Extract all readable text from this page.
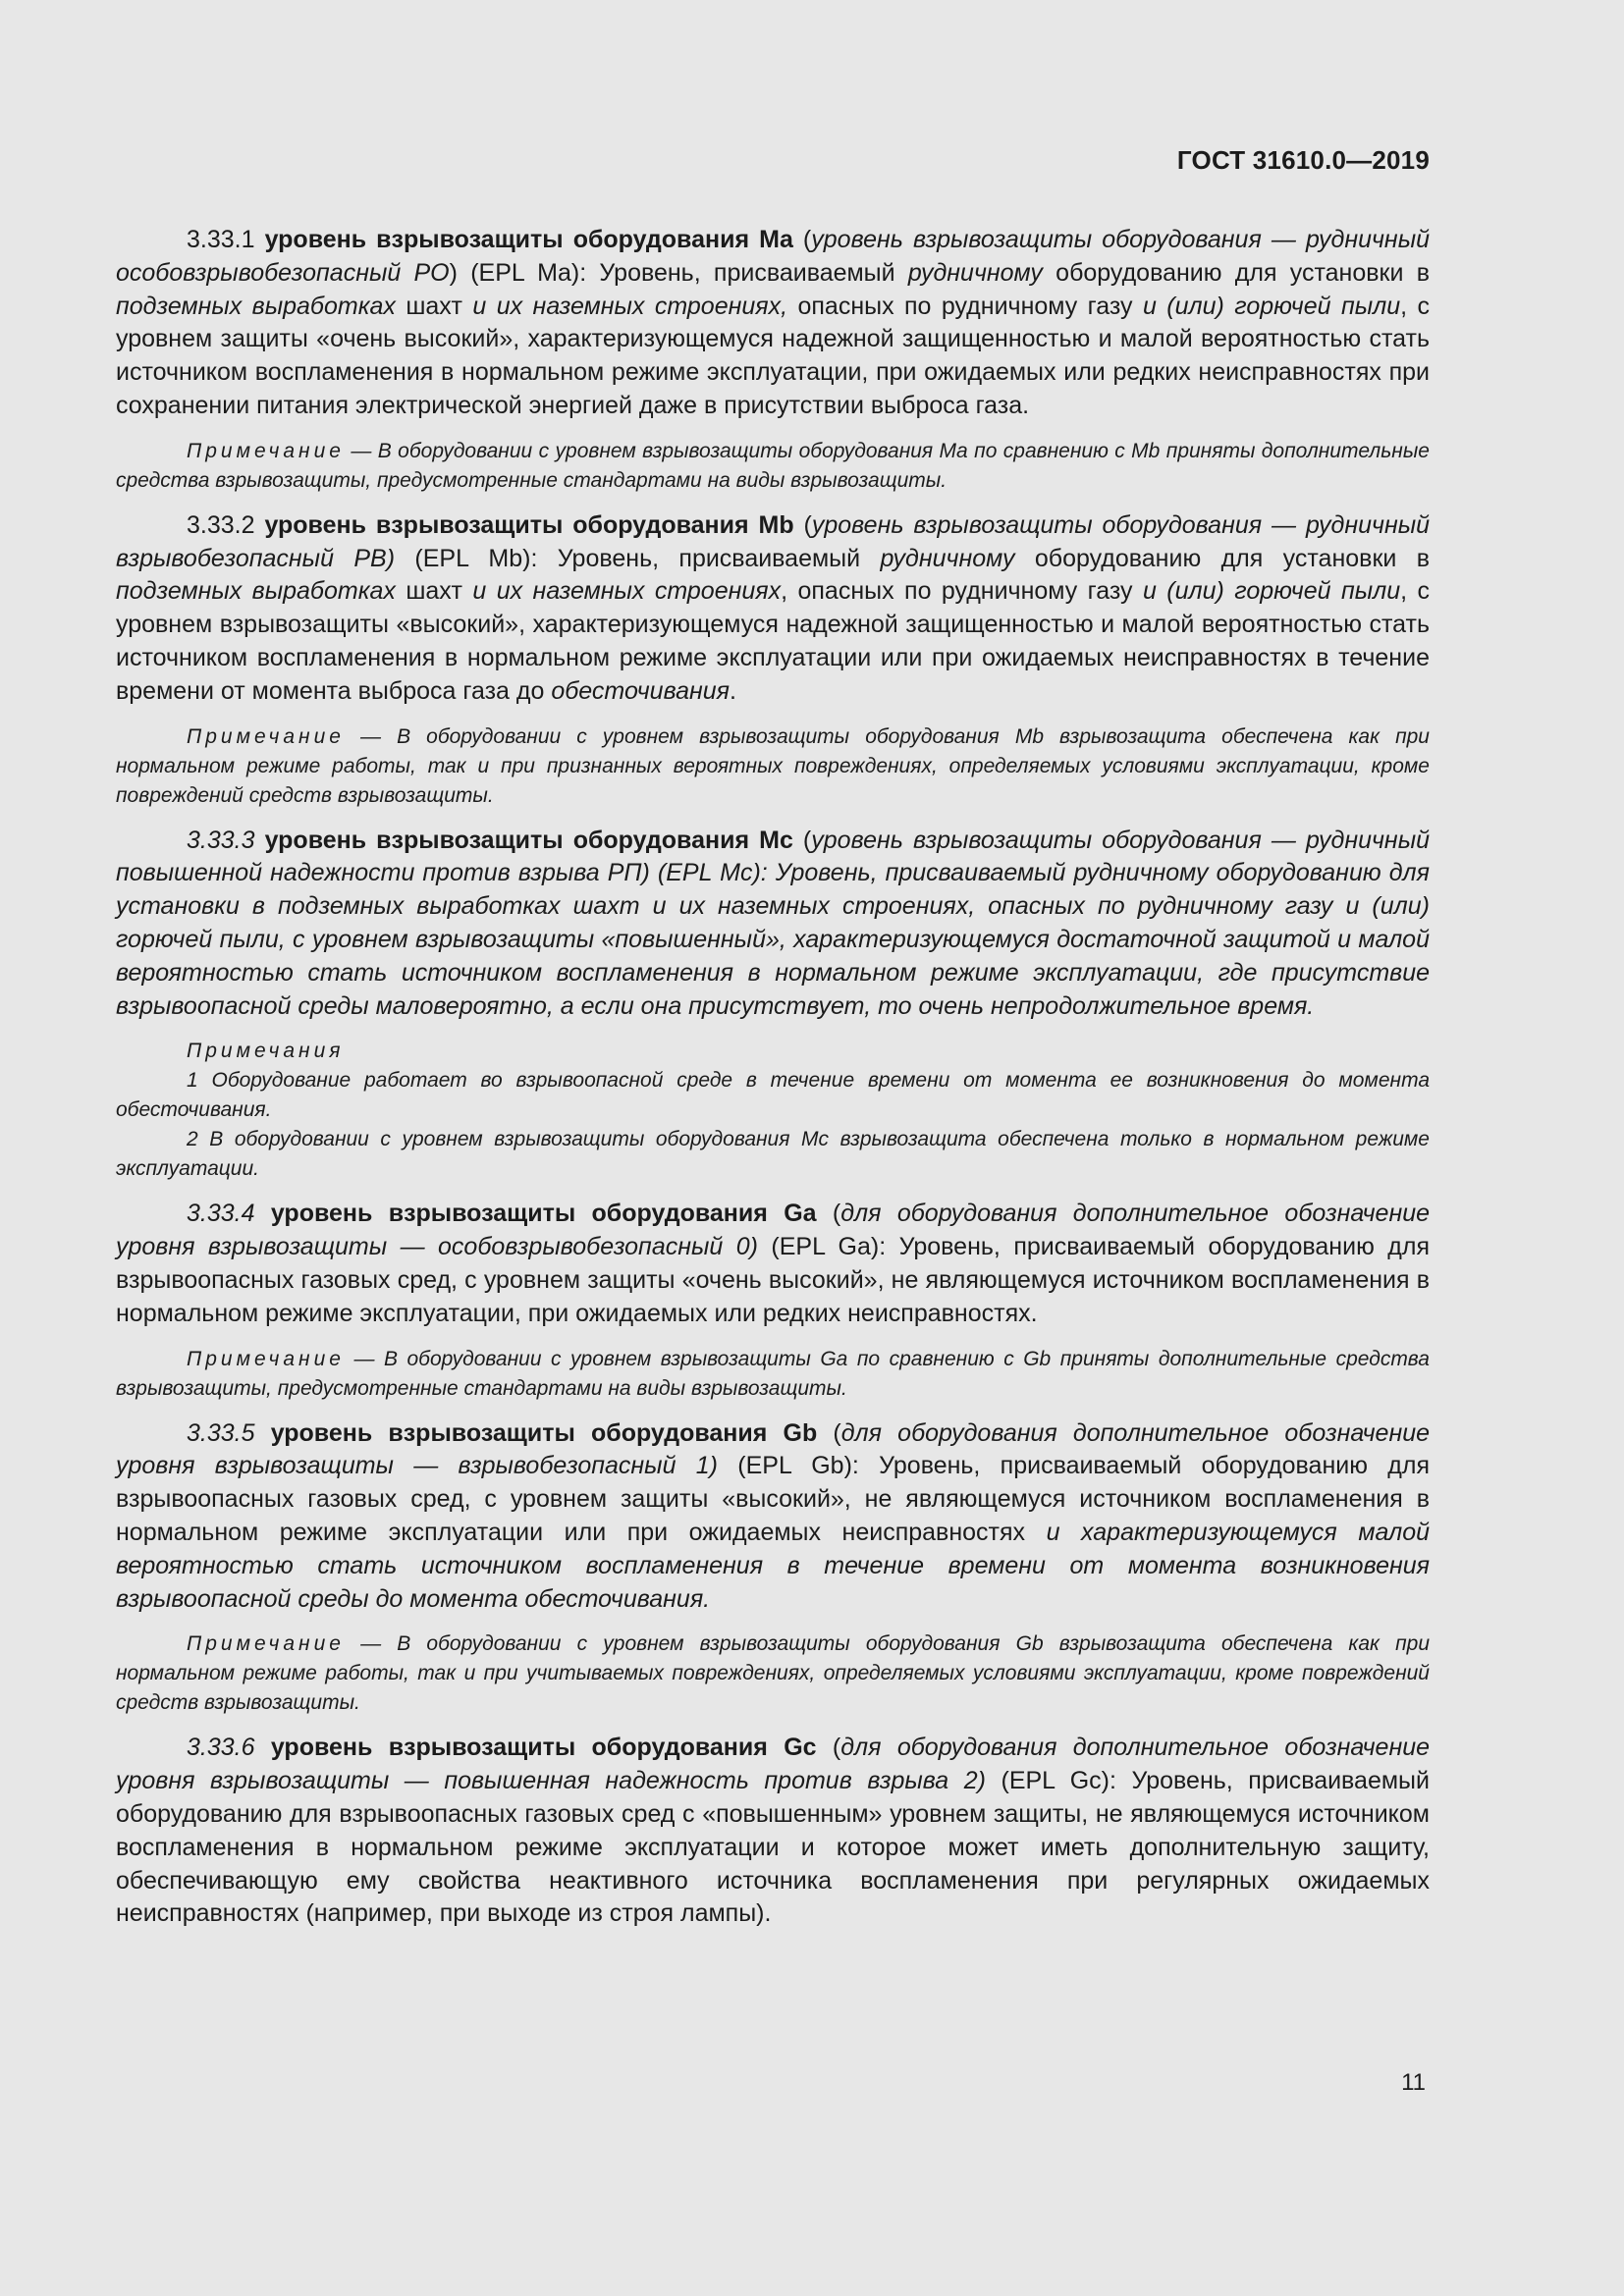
ГОСТ 31610.0—2019

3.33.1 уровень взрывозащиты оборудования Ma (уровень взрывозащиты оборудования — рудничный особовзрывобезопасный РО) (EPL Ma): Уровень, присваиваемый рудничному оборудованию для установки в подземных выработках шахт и их наземных строениях, опасных по рудничному газу и (или) горючей пыли, с уровнем защиты «очень высокий», характеризующемуся надежной защищенностью и малой вероятностью стать источником воспламенения в нормальном режиме эксплуатации, при ожидаемых или редких неисправностях при сохранении питания электрической энергией даже в присутствии выброса газа.

Примечание — В оборудовании с уровнем взрывозащиты оборудования Ma по сравнению с Mb приняты дополнительные средства взрывозащиты, предусмотренные стандартами на виды взрывозащиты.

3.33.2 уровень взрывозащиты оборудования Mb (уровень взрывозащиты оборудования — рудничный взрывобезопасный РВ) (EPL Mb): Уровень, присваиваемый рудничному оборудованию для установки в подземных выработках шахт и их наземных строениях, опасных по рудничному газу и (или) горючей пыли, с уровнем взрывозащиты «высокий», характеризующемуся надежной защищенностью и малой вероятностью стать источником воспламенения в нормальном режиме эксплуатации или при ожидаемых неисправностях в течение времени от момента выброса газа до обесточивания.

Примечание — В оборудовании с уровнем взрывозащиты оборудования Mb взрывозащита обеспечена как при нормальном режиме работы, так и при признанных вероятных повреждениях, определяемых условиями эксплуатации, кроме повреждений средств взрывозащиты.

3.33.3 уровень взрывозащиты оборудования Mc (уровень взрывозащиты оборудования — рудничный повышенной надежности против взрыва РП) (EPL Mc): Уровень, присваиваемый рудничному оборудованию для установки в подземных выработках шахт и их наземных строениях, опасных по рудничному газу и (или) горючей пыли, с уровнем взрывозащиты «повышенный», характеризующемуся достаточной защитой и малой вероятностью стать источником воспламенения в нормальном режиме эксплуатации, где присутствие взрывоопасной среды маловероятно, а если она присутствует, то очень непродолжительное время.

Примечания

1 Оборудование работает во взрывоопасной среде в течение времени от момента ее возникновения до момента обесточивания.

2 В оборудовании с уровнем взрывозащиты оборудования Mc взрывозащита обеспечена только в нормальном режиме эксплуатации.

3.33.4 уровень взрывозащиты оборудования Ga (для оборудования дополнительное обозначение уровня взрывозащиты — особовзрывобезопасный 0) (EPL Ga): Уровень, присваиваемый оборудованию для взрывоопасных газовых сред, с уровнем защиты «очень высокий», не являющемуся источником воспламенения в нормальном режиме эксплуатации, при ожидаемых или редких неисправностях.

Примечание — В оборудовании с уровнем взрывозащиты Ga по сравнению с Gb приняты дополнительные средства взрывозащиты, предусмотренные стандартами на виды взрывозащиты.

3.33.5 уровень взрывозащиты оборудования Gb (для оборудования дополнительное обозначение уровня взрывозащиты — взрывобезопасный 1) (EPL Gb): Уровень, присваиваемый оборудованию для взрывоопасных газовых сред, с уровнем защиты «высокий», не являющемуся источником воспламенения в нормальном режиме эксплуатации или при ожидаемых неисправностях и характеризующемуся малой вероятностью стать источником воспламенения в течение времени от момента возникновения взрывоопасной среды до момента обесточивания.

Примечание — В оборудовании с уровнем взрывозащиты оборудования Gb взрывозащита обеспечена как при нормальном режиме работы, так и при учитываемых повреждениях, определяемых условиями эксплуатации, кроме повреждений средств взрывозащиты.

3.33.6 уровень взрывозащиты оборудования Gc (для оборудования дополнительное обозначение уровня взрывозащиты — повышенная надежность против взрыва 2) (EPL Gc): Уровень, присваиваемый оборудованию для взрывоопасных газовых сред с «повышенным» уровнем защиты, не являющемуся источником воспламенения в нормальном режиме эксплуатации и которое может иметь дополнительную защиту, обеспечивающую ему свойства неактивного источника воспламенения при регулярных ожидаемых неисправностях (например, при выходе из строя лампы).

11
